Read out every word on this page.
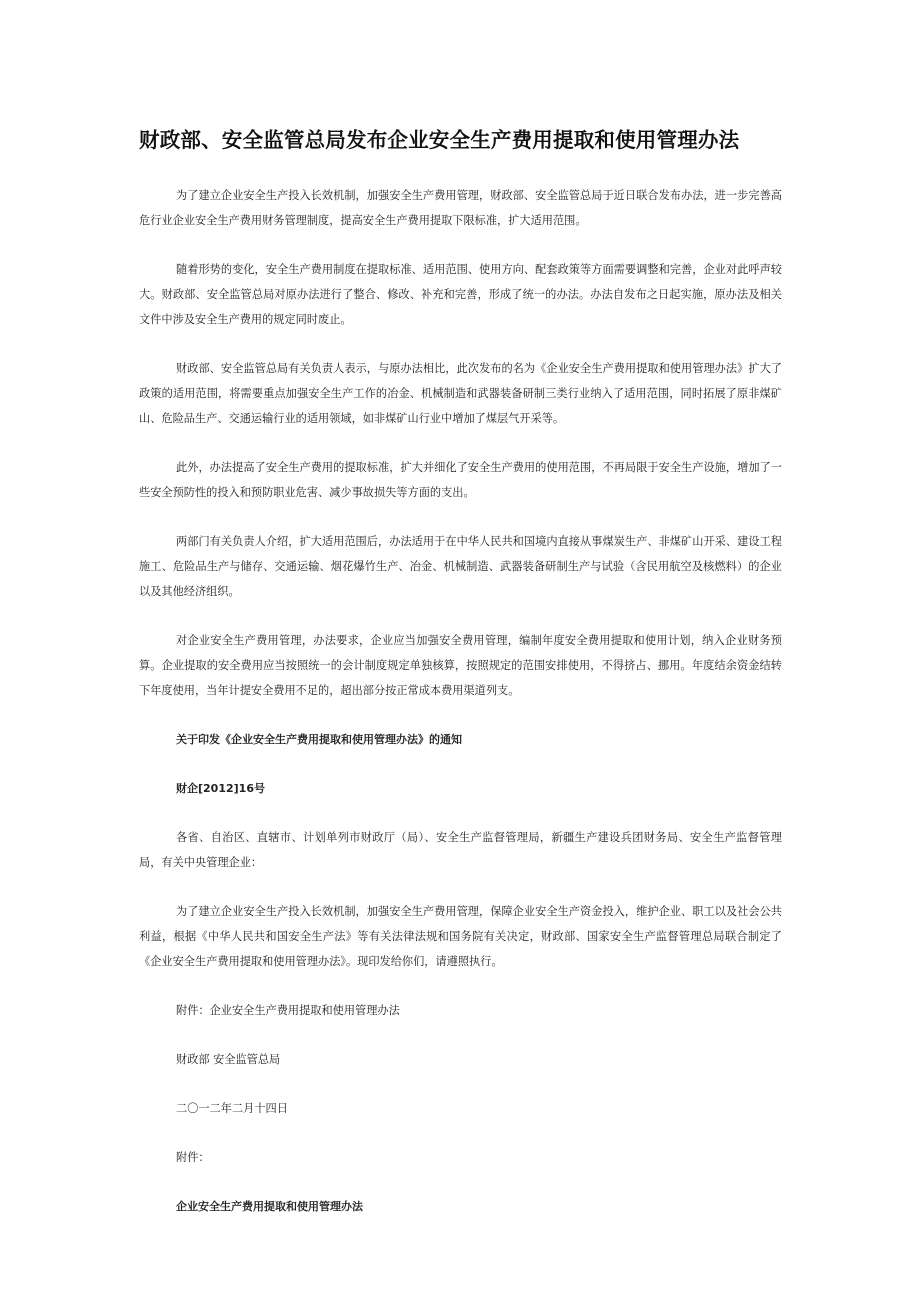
财政部、安全监管总局发布企业安全生产费用提取和使用管理办法

为了建立企业安全生产投入长效机制，加强安全生产费用管理，财政部、安全监管总局于近日联合发布办法，进一步完善高危行业企业安全生产费用财务管理制度，提高安全生产费用提取下限标准，扩大适用范围。

随着形势的变化，安全生产费用制度在提取标准、适用范围、使用方向、配套政策等方面需要调整和完善，企业对此呼声较大。财政部、安全监管总局对原办法进行了整合、修改、补充和完善，形成了统一的办法。办法自发布之日起实施，原办法及相关文件中涉及安全生产费用的规定同时废止。

财政部、安全监管总局有关负责人表示，与原办法相比，此次发布的名为《企业安全生产费用提取和使用管理办法》扩大了政策的适用范围，将需要重点加强安全生产工作的冶金、机械制造和武器装备研制三类行业纳入了适用范围，同时拓展了原非煤矿山、危险品生产、交通运输行业的适用领域，如非煤矿山行业中增加了煤层气开采等。

此外，办法提高了安全生产费用的提取标准，扩大并细化了安全生产费用的使用范围，不再局限于安全生产设施，增加了一些安全预防性的投入和预防职业危害、减少事故损失等方面的支出。

两部门有关负责人介绍，扩大适用范围后，办法适用于在中华人民共和国境内直接从事煤炭生产、非煤矿山开采、建设工程施工、危险品生产与储存、交通运输、烟花爆竹生产、冶金、机械制造、武器装备研制生产与试验（含民用航空及核燃料）的企业以及其他经济组织。

对企业安全生产费用管理，办法要求，企业应当加强安全费用管理，编制年度安全费用提取和使用计划，纳入企业财务预算。企业提取的安全费用应当按照统一的会计制度规定单独核算，按照规定的范围安排使用，不得挤占、挪用。年度结余资金结转下年度使用，当年计提安全费用不足的，超出部分按正常成本费用渠道列支。

关于印发《企业安全生产费用提取和使用管理办法》的通知

财企[2012]16号

各省、自治区、直辖市、计划单列市财政厅（局）、安全生产监督管理局，新疆生产建设兵团财务局、安全生产监督管理局，有关中央管理企业：

为了建立企业安全生产投入长效机制，加强安全生产费用管理，保障企业安全生产资金投入，维护企业、职工以及社会公共利益，根据《中华人民共和国安全生产法》等有关法律法规和国务院有关决定，财政部、国家安全生产监督管理总局联合制定了《企业安全生产费用提取和使用管理办法》。现印发给你们，请遵照执行。

附件：企业安全生产费用提取和使用管理办法

财政部 安全监管总局

二〇一二年二月十四日

附件：

企业安全生产费用提取和使用管理办法
